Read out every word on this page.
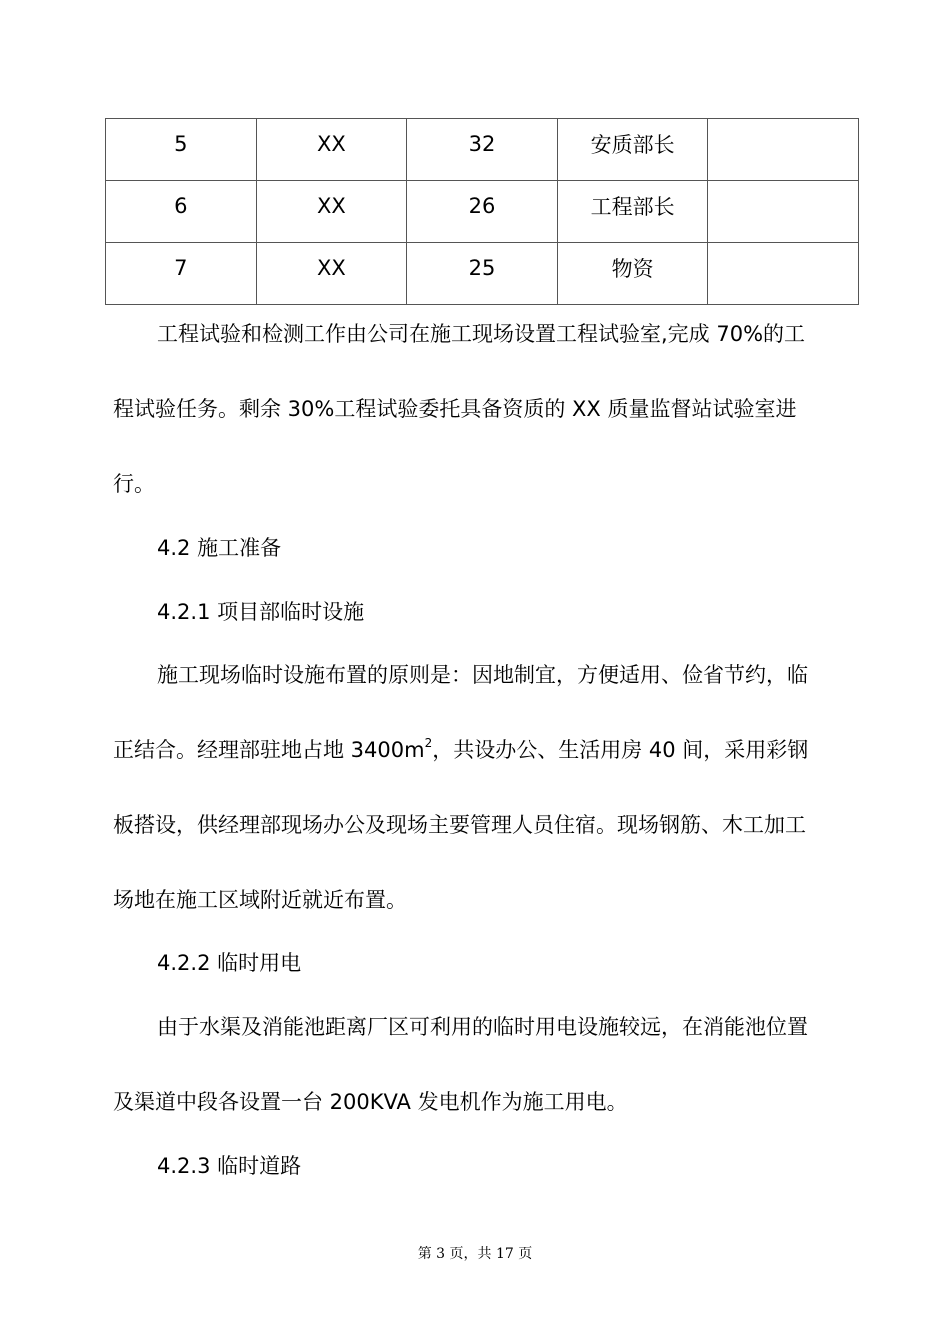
5	XX	32	安质部长	
6	XX	26	工程部长	
7	XX	25	物资	
工程试验和检测工作由公司在施工现场设置工程试验室,完成 70%的工
程试验任务。剩余 30%工程试验委托具备资质的 XX 质量监督站试验室进
行。
4.2 施工准备
4.2.1 项目部临时设施
施工现场临时设施布置的原则是：因地制宜，方便适用、俭省节约，临
正结合。经理部驻地占地 $3400m^2$，共设办公、生活用房 40 间，采用彩钢
板搭设，供经理部现场办公及现场主要管理人员住宿。现场钢筋、木工加工
场地在施工区域附近就近布置。
4.2.2 临时用电
由于水渠及消能池距离厂区可利用的临时用电设施较远，在消能池位置
及渠道中段各设置一台 200KVA 发电机作为施工用电。
4.2.3 临时道路
第 3 页，共 17 页
